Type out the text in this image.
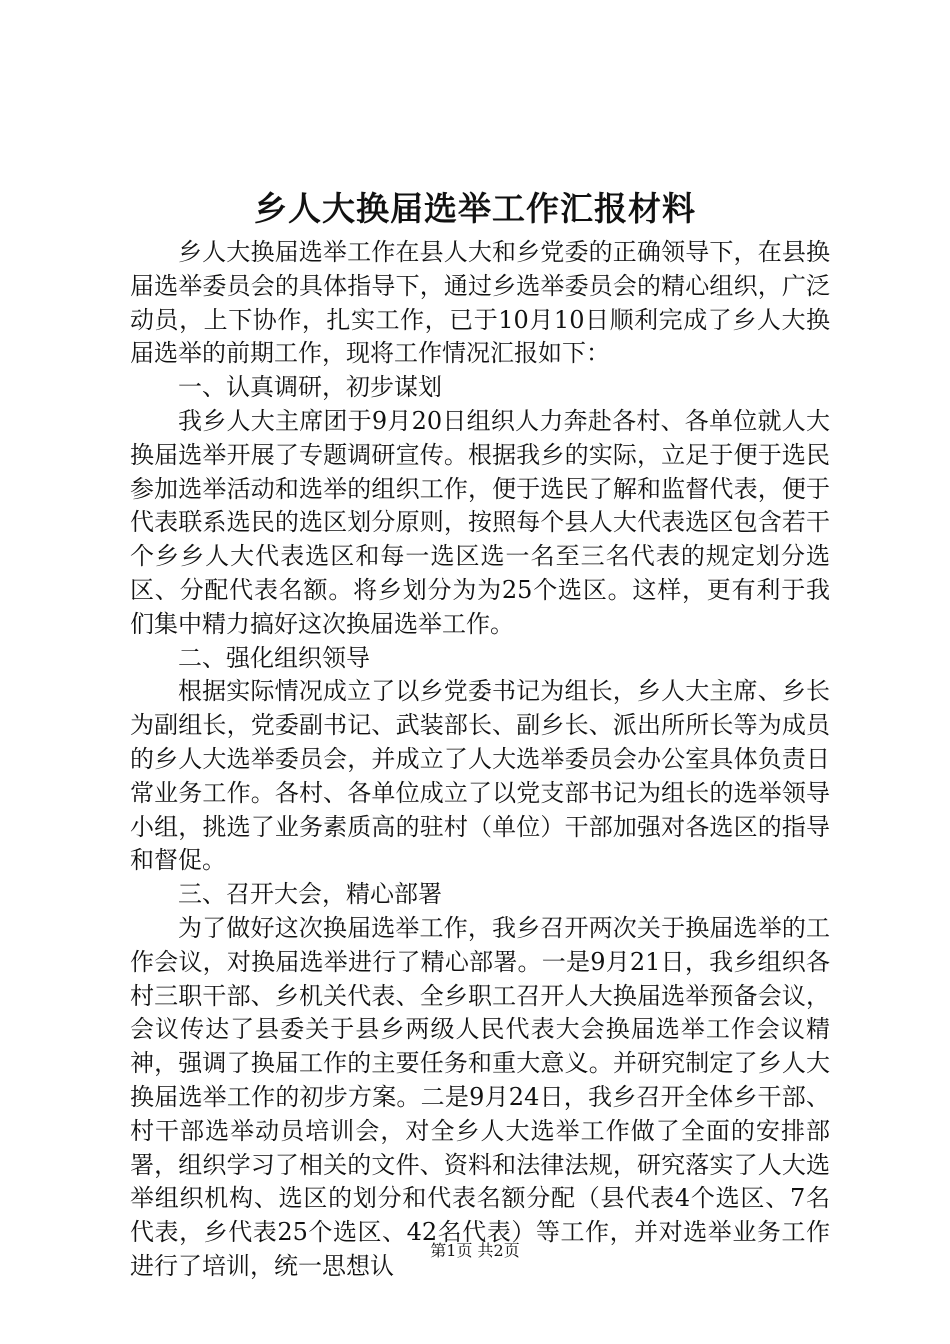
乡人大换届选举工作汇报材料

乡人大换届选举工作在县人大和乡党委的正确领导下，在县换届选举委员会的具体指导下，通过乡选举委员会的精心组织，广泛动员，上下协作，扎实工作，已于10月10日顺利完成了乡人大换届选举的前期工作，现将工作情况汇报如下：

一、认真调研，初步谋划

我乡人大主席团于9月20日组织人力奔赴各村、各单位就人大换届选举开展了专题调研宣传。根据我乡的实际，立足于便于选民参加选举活动和选举的组织工作，便于选民了解和监督代表，便于代表联系选民的选区划分原则，按照每个县人大代表选区包含若干个乡乡人大代表选区和每一选区选一名至三名代表的规定划分选区、分配代表名额。将乡划分为为25个选区。这样，更有利于我们集中精力搞好这次换届选举工作。

二、强化组织领导

根据实际情况成立了以乡党委书记为组长，乡人大主席、乡长为副组长，党委副书记、武装部长、副乡长、派出所所长等为成员的乡人大选举委员会，并成立了人大选举委员会办公室具体负责日常业务工作。各村、各单位成立了以党支部书记为组长的选举领导小组，挑选了业务素质高的驻村（单位）干部加强对各选区的指导和督促。

三、召开大会，精心部署

为了做好这次换届选举工作，我乡召开两次关于换届选举的工作会议，对换届选举进行了精心部署。一是9月21日，我乡组织各村三职干部、乡机关代表、全乡职工召开人大换届选举预备会议，会议传达了县委关于县乡两级人民代表大会换届选举工作会议精神，强调了换届工作的主要任务和重大意义。并研究制定了乡人大换届选举工作的初步方案。二是9月24日，我乡召开全体乡干部、村干部选举动员培训会，对全乡人大选举工作做了全面的安排部署，组织学习了相关的文件、资料和法律法规，研究落实了人大选举组织机构、选区的划分和代表名额分配（县代表4个选区、7名代表，乡代表25个选区、42名代表）等工作，并对选举业务工作进行了培训，统一思想认

第1页 共2页
